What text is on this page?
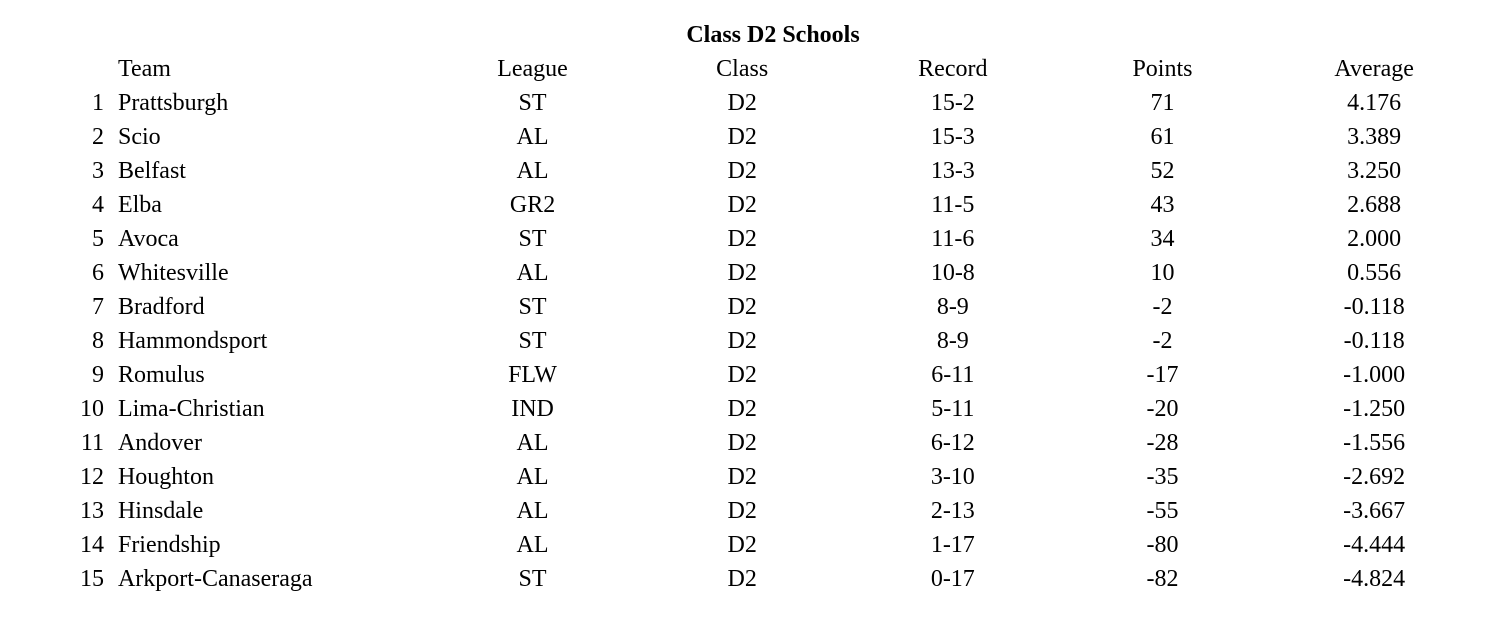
Class D2 Schools
	Team	League	Class	Record	Points	Average
1	Prattsburgh	ST	D2	15-2	71	4.176
2	Scio	AL	D2	15-3	61	3.389
3	Belfast	AL	D2	13-3	52	3.250
4	Elba	GR2	D2	11-5	43	2.688
5	Avoca	ST	D2	11-6	34	2.000
6	Whitesville	AL	D2	10-8	10	0.556
7	Bradford	ST	D2	8-9	-2	-0.118
8	Hammondsport	ST	D2	8-9	-2	-0.118
9	Romulus	FLW	D2	6-11	-17	-1.000
10	Lima-Christian	IND	D2	5-11	-20	-1.250
11	Andover	AL	D2	6-12	-28	-1.556
12	Houghton	AL	D2	3-10	-35	-2.692
13	Hinsdale	AL	D2	2-13	-55	-3.667
14	Friendship	AL	D2	1-17	-80	-4.444
15	Arkport-Canaseraga	ST	D2	0-17	-82	-4.824
